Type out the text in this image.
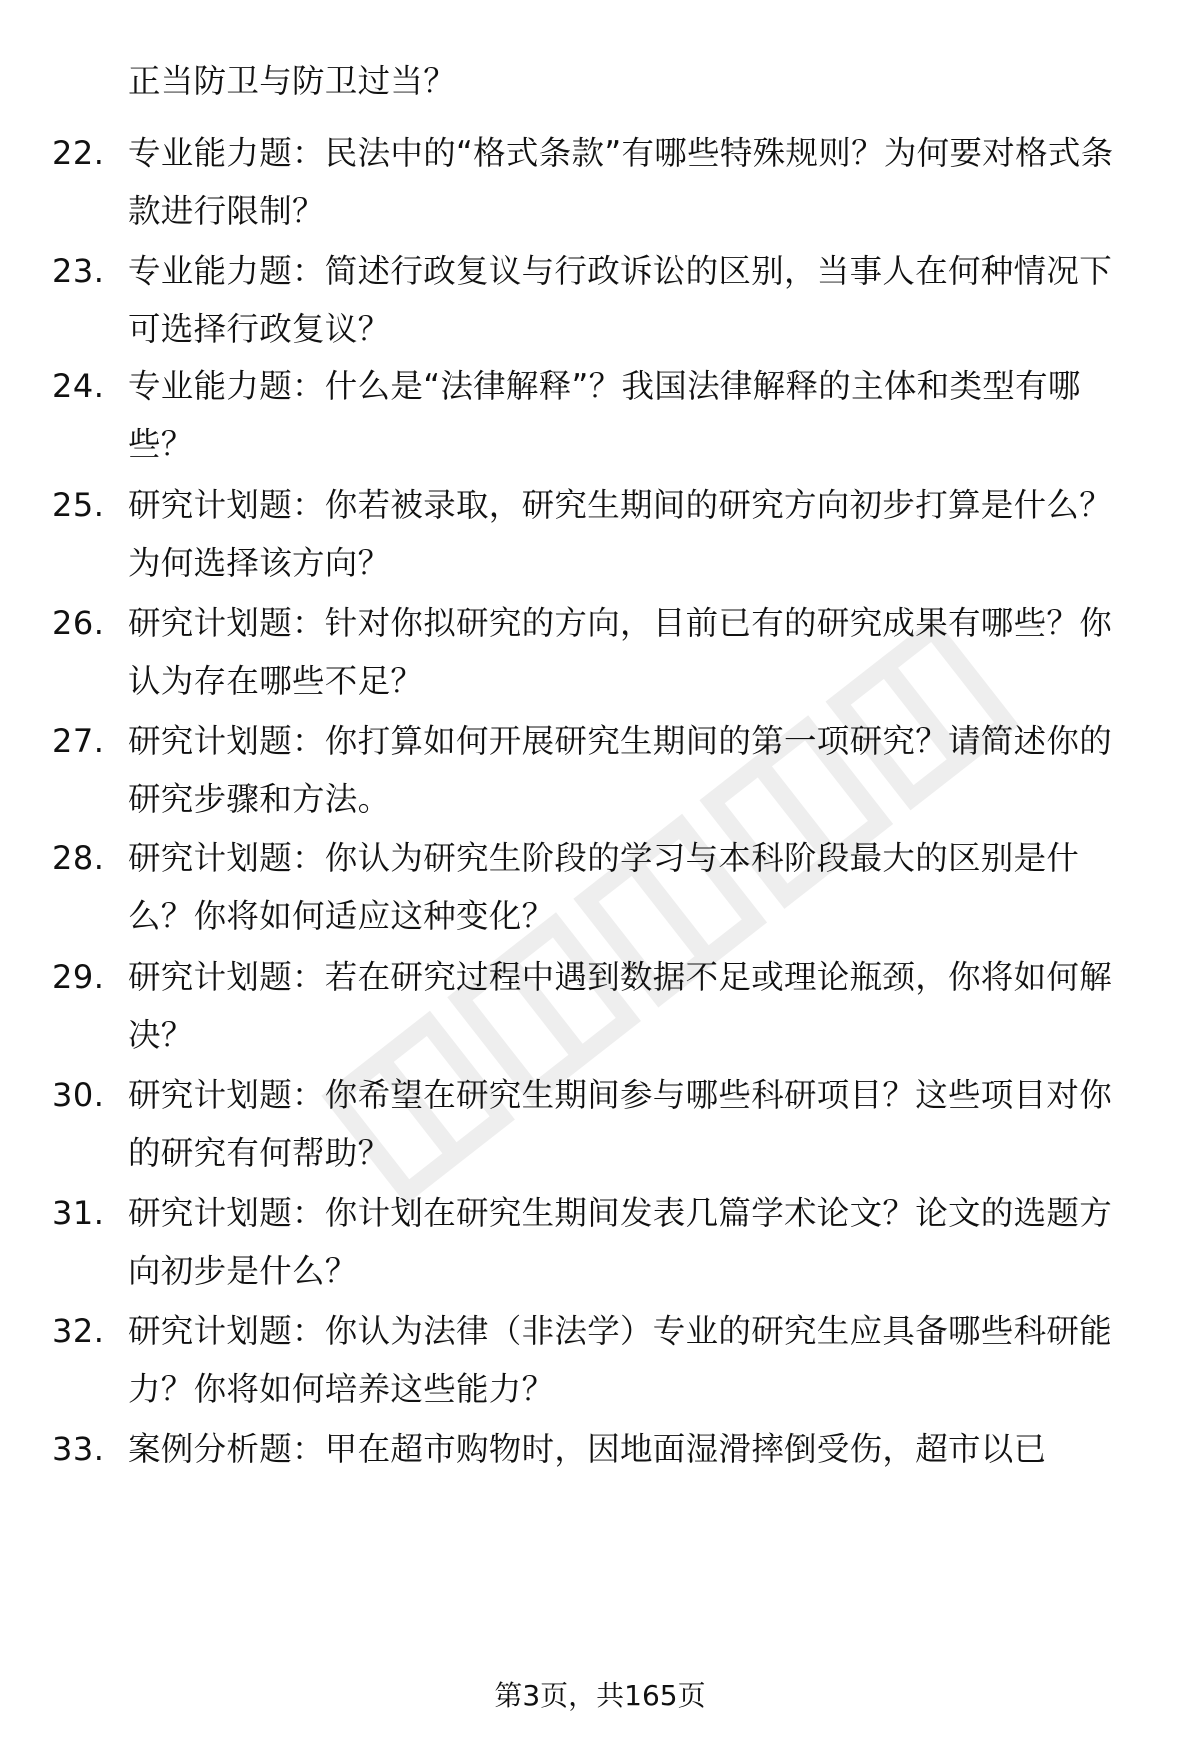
正当防卫与防卫过当？
22. 专业能力题：民法中的“格式条款”有哪些特殊规则？为何要对格式条款进行限制？
23. 专业能力题：简述行政复议与行政诉讼的区别，当事人在何种情况下可选择行政复议？
24. 专业能力题：什么是“法律解释”？我国法律解释的主体和类型有哪些？
25. 研究计划题：你若被录取，研究生期间的研究方向初步打算是什么？为何选择该方向？
26. 研究计划题：针对你拟研究的方向，目前已有的研究成果有哪些？你认为存在哪些不足？
27. 研究计划题：你打算如何开展研究生期间的第一项研究？请简述你的研究步骤和方法。
28. 研究计划题：你认为研究生阶段的学习与本科阶段最大的区别是什么？你将如何适应这种变化？
29. 研究计划题：若在研究过程中遇到数据不足或理论瓶颈，你将如何解决？
30. 研究计划题：你希望在研究生期间参与哪些科研项目？这些项目对你的研究有何帮助？
31. 研究计划题：你计划在研究生期间发表几篇学术论文？论文的选题方向初步是什么？
32. 研究计划题：你认为法律（非法学）专业的研究生应具备哪些科研能力？你将如何培养这些能力？
33. 案例分析题：甲在超市购物时，因地面湿滑摔倒受伤，超市以已
第3页，共165页
